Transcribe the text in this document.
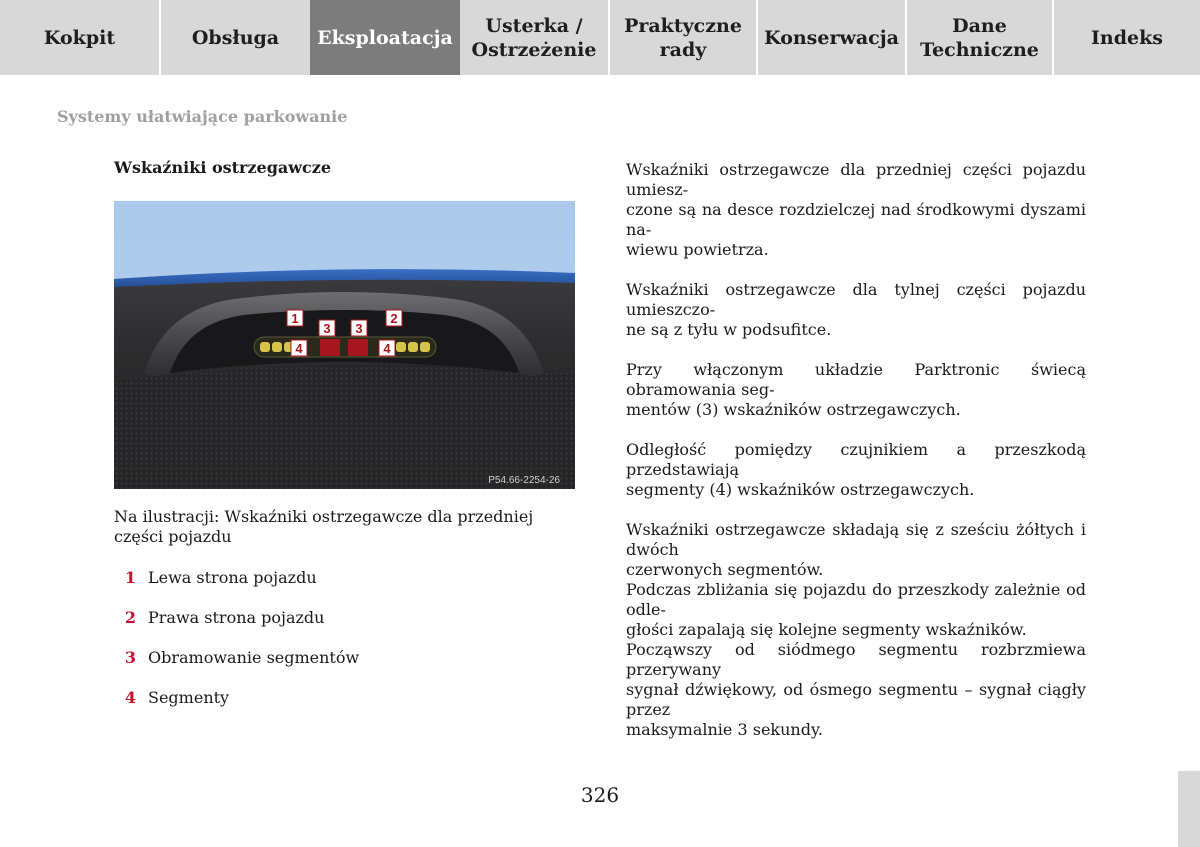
Kokpit	Obsługa Eksploatacja
Usterka /
Ostrzeżenie
Praktyczne
rady
Konserwacja
Dane
Techniczne
Indeks
Systemy ułatwiające parkowanie
Wskaźniki ostrzegawcze
1	2
3 3
4	4
P54.66-2254-26
Na ilustracji: Wskaźniki ostrzegawcze dla przedniej części pojazdu
1 Lewa strona pojazdu
2 Prawa strona pojazdu
3 Obramowanie segmentów
4 Segmenty

Wskaźniki ostrzegawcze dla przedniej części pojazdu umiesz-
czone są na desce rozdzielczej nad środkowymi dyszami na-
wiewu powietrza.

Wskaźniki ostrzegawcze dla tylnej części pojazdu umieszczo-
ne są z tyłu w podsufitce.

Przy włączonym układzie Parktronic świecą obramowania seg-
mentów (3) wskaźników ostrzegawczych.

Odległość pomiędzy czujnikiem a przeszkodą przedstawiają
segmenty (4) wskaźników ostrzegawczych.

Wskaźniki ostrzegawcze składają się z sześciu żółtych i dwóch
czerwonych segmentów.

Podczas zbliżania się pojazdu do przeszkody zależnie od odle-
głości zapalają się kolejne segmenty wskaźników.

Począwszy od siódmego segmentu rozbrzmiewa przerywany
sygnał dźwiękowy, od ósmego segmentu – sygnał ciągły przez
maksymalnie 3 sekundy.

326
